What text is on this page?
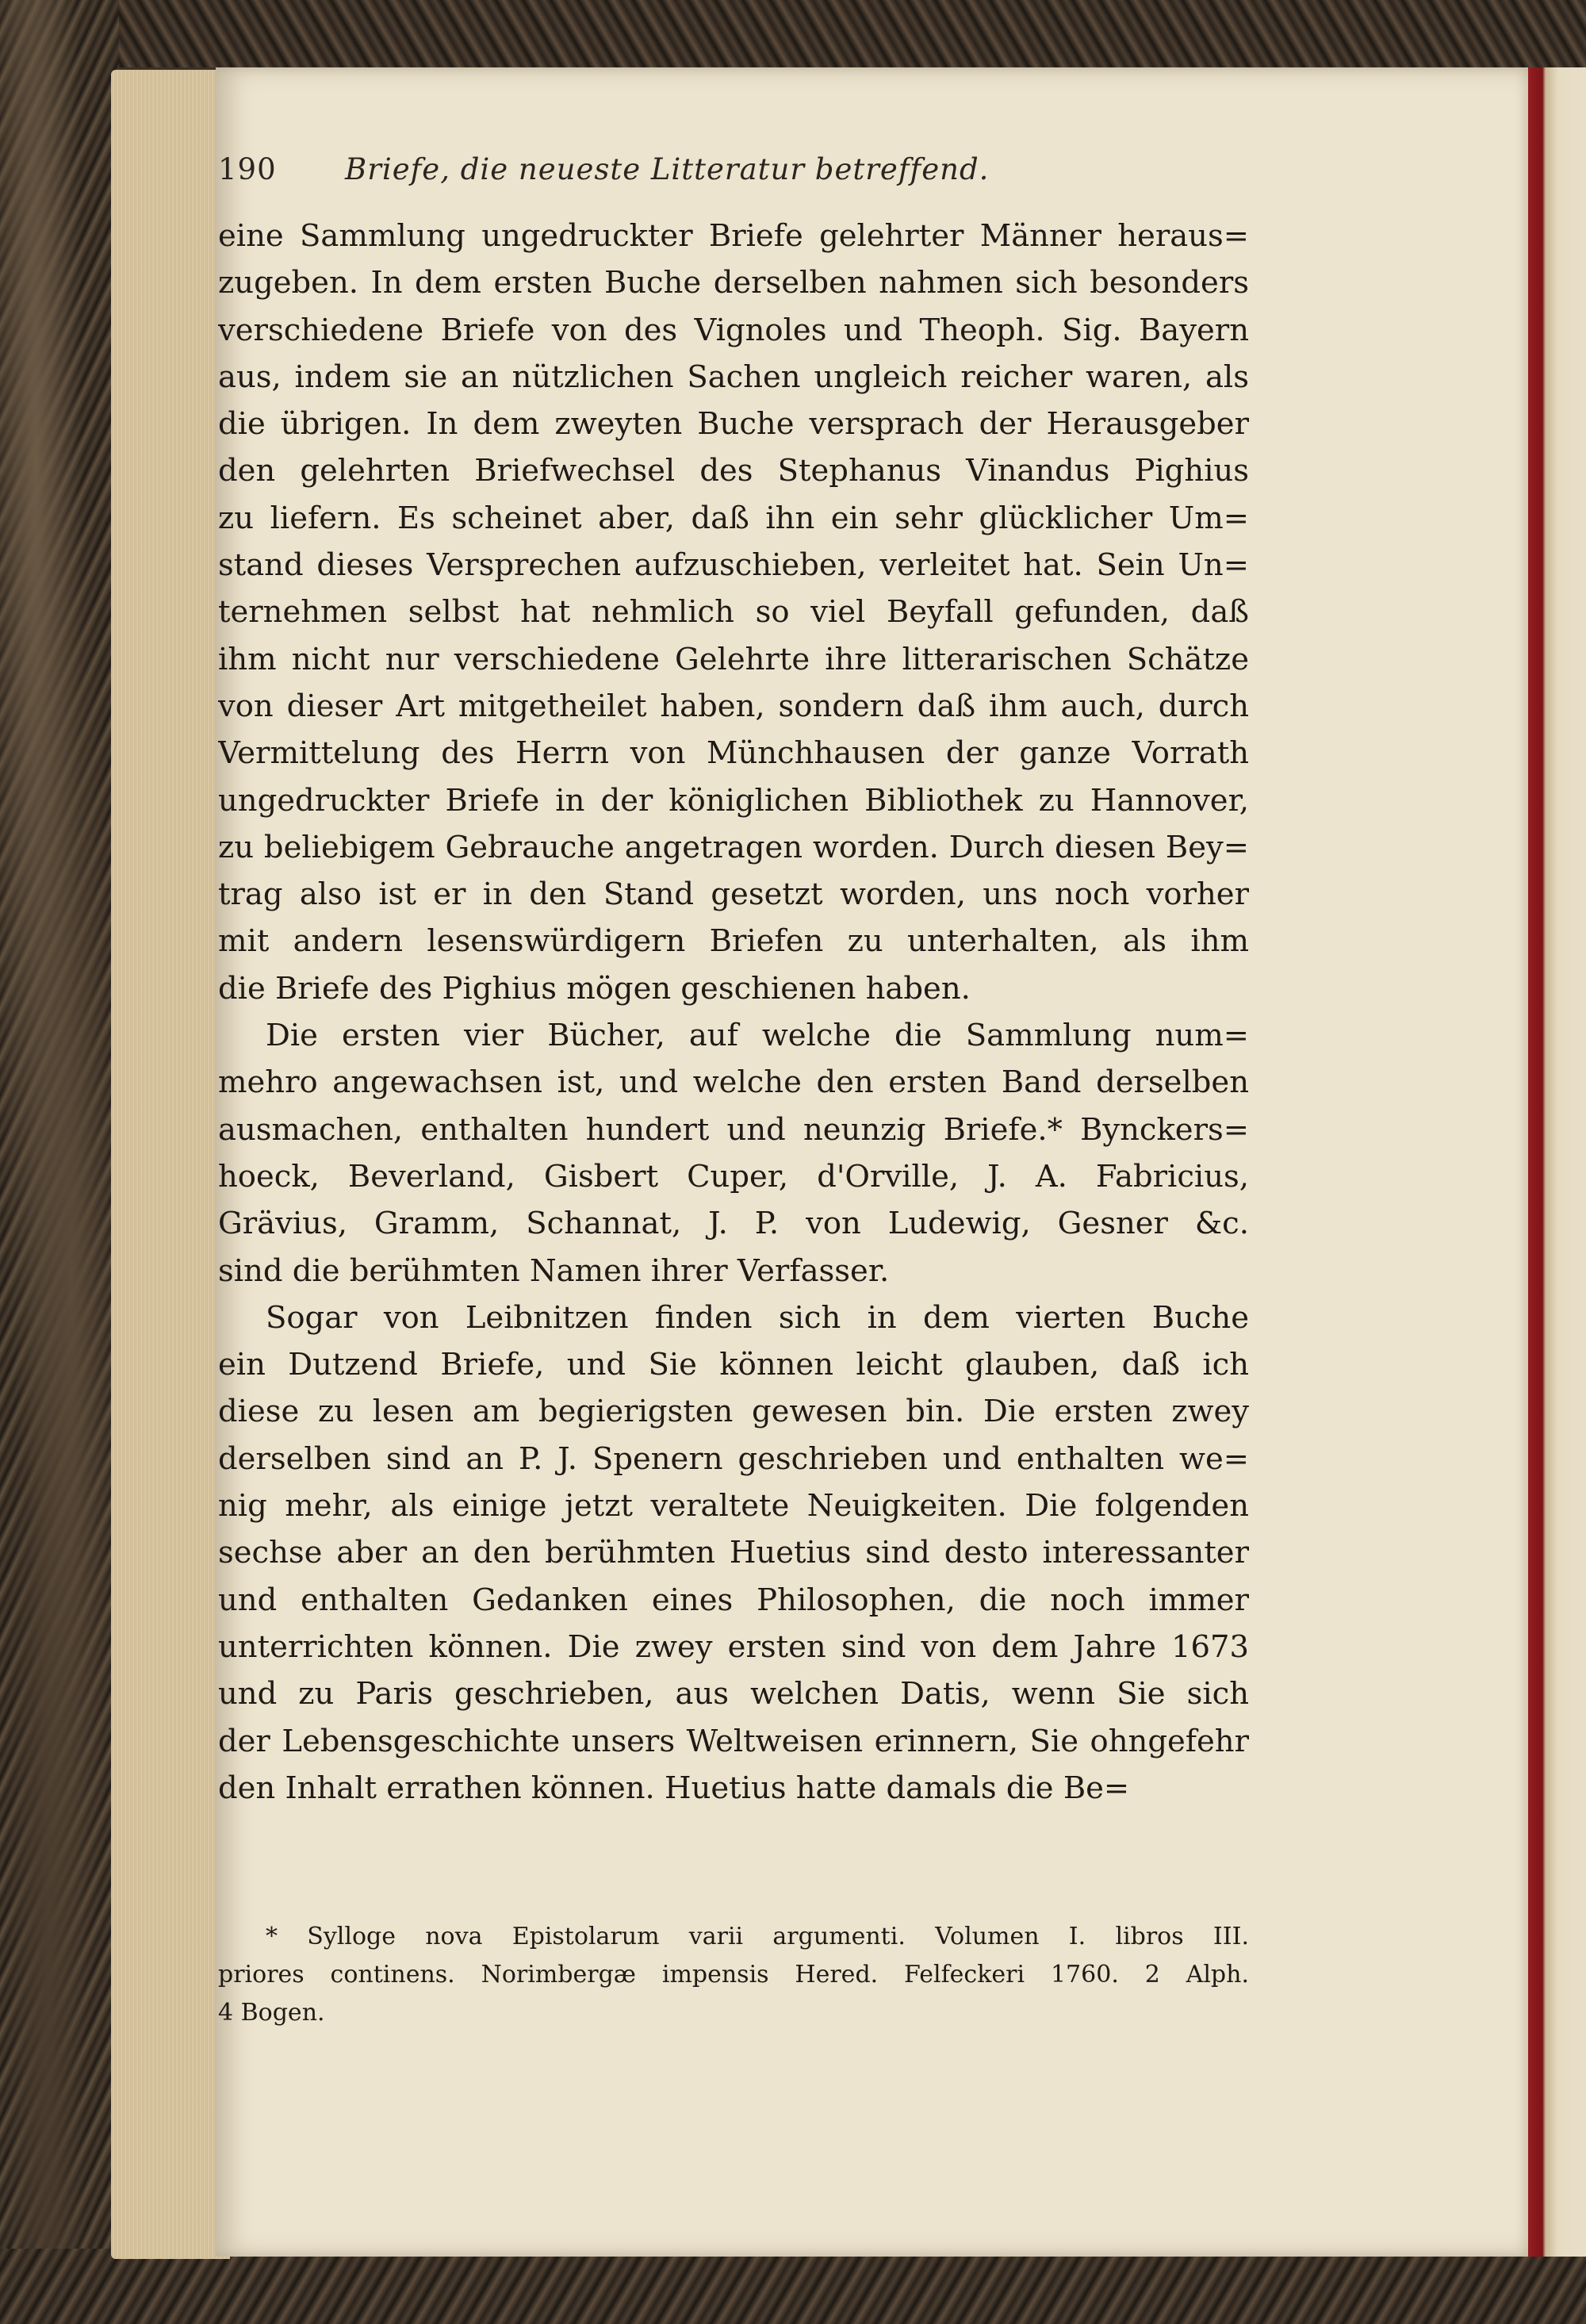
190 Briefe, die neueste Litteratur betreffend.
eine Sammlung ungedruckter Briefe gelehrter Männer heraus=
zugeben. In dem ersten Buche derselben nahmen sich besonders
verschiedene Briefe von des Vignoles und Theoph. Sig. Bayern
aus, indem sie an nützlichen Sachen ungleich reicher waren, als
die übrigen. In dem zweyten Buche versprach der Herausgeber
den gelehrten Briefwechsel des Stephanus Vinandus Pighius
zu liefern. Es scheinet aber, daß ihn ein sehr glücklicher Um=
stand dieses Versprechen aufzuschieben, verleitet hat. Sein Un=
ternehmen selbst hat nehmlich so viel Beyfall gefunden, daß
ihm nicht nur verschiedene Gelehrte ihre litterarischen Schätze
von dieser Art mitgetheilet haben, sondern daß ihm auch, durch
Vermittelung des Herrn von Münchhausen der ganze Vorrath
ungedruckter Briefe in der königlichen Bibliothek zu Hannover,
zu beliebigem Gebrauche angetragen worden. Durch diesen Bey=
trag also ist er in den Stand gesetzt worden, uns noch vorher
mit andern lesenswürdigern Briefen zu unterhalten, als ihm
die Briefe des Pighius mögen geschienen haben.
Die ersten vier Bücher, auf welche die Sammlung num=
mehro angewachsen ist, und welche den ersten Band derselben
ausmachen, enthalten hundert und neunzig Briefe.* Bynckers=
hoeck, Beverland, Gisbert Cuper, d'Orville, J. A. Fabricius,
Grävius, Gramm, Schannat, J. P. von Ludewig, Gesner &c.
sind die berühmten Namen ihrer Verfasser.
Sogar von Leibnitzen finden sich in dem vierten Buche
ein Dutzend Briefe, und Sie können leicht glauben, daß ich
diese zu lesen am begierigsten gewesen bin. Die ersten zwey
derselben sind an P. J. Spenern geschrieben und enthalten we=
nig mehr, als einige jetzt veraltete Neuigkeiten. Die folgenden
sechse aber an den berühmten Huetius sind desto interessanter
und enthalten Gedanken eines Philosophen, die noch immer
unterrichten können. Die zwey ersten sind von dem Jahre 1673
und zu Paris geschrieben, aus welchen Datis, wenn Sie sich
der Lebensgeschichte unsers Weltweisen erinnern, Sie ohngefehr
den Inhalt errathen können. Huetius hatte damals die Be=
* Sylloge nova Epistolarum varii argumenti. Volumen I. libros III.
priores continens. Norimbergæ impensis Hered. Felfeckeri 1760. 2 Alph.
4 Bogen.
